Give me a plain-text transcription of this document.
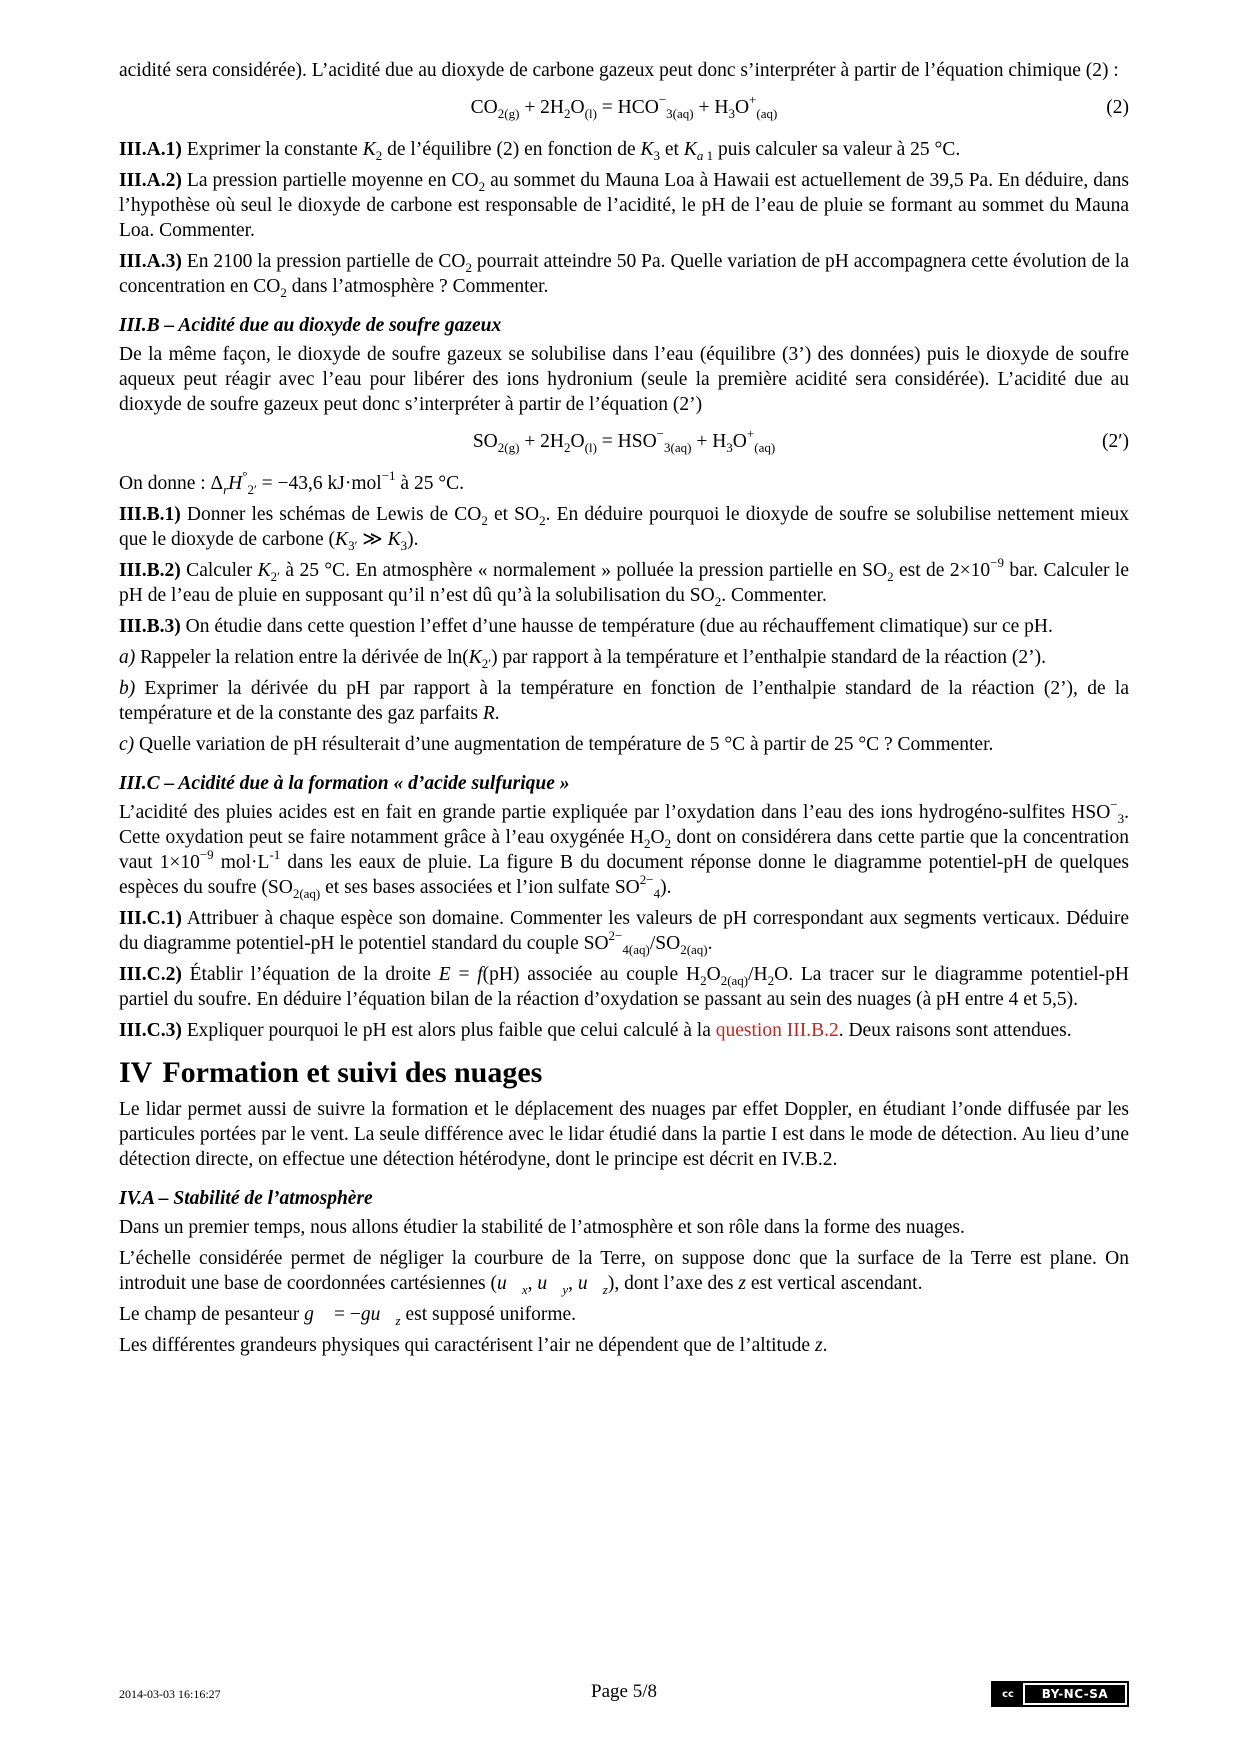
acidité sera considérée). L’acidité due au dioxyde de carbone gazeux peut donc s’interpréter à partir de l’équation chimique (2) :

$CO_{2(g)} + 2H_2O_{(l)} = HCO^-_{3(aq)} + H_3O^+_{(aq)}$	(2)

III.A.1) Exprimer la constante $K_2$ de l’équilibre (2) en fonction de $K_3$ et $K_{a 1}$ puis calculer sa valeur à 25 °C.

III.A.2) La pression partielle moyenne en $CO_2$ au sommet du Mauna Loa à Hawaii est actuellement de 39,5 Pa. En déduire, dans l’hypothèse où seul le dioxyde de carbone est responsable de l’acidité, le pH de l’eau de pluie se formant au sommet du Mauna Loa. Commenter.

III.A.3) En 2100 la pression partielle de $CO_2$ pourrait atteindre 50 Pa. Quelle variation de pH accompagnera cette évolution de la concentration en $CO_2$ dans l’atmosphère ? Commenter.

III.B – Acidité due au dioxyde de soufre gazeux

De la même façon, le dioxyde de soufre gazeux se solubilise dans l’eau (équilibre (3’) des données) puis le dioxyde de soufre aqueux peut réagir avec l’eau pour libérer des ions hydronium (seule la première acidité sera considérée). L’acidité due au dioxyde de soufre gazeux peut donc s’interpréter à partir de l’équation (2’)

$SO_{2(g)} + 2H_2O_{(l)} = HSO^-_{3(aq)} + H_3O^+_{(aq)}$	(2′)

On donne : $\Delta_rH^\circ_{2'} = -43,6$ kJ·mol$^{-1}$ à 25 °C.

III.B.1) Donner les schémas de Lewis de $CO_2$ et $SO_2$. En déduire pourquoi le dioxyde de soufre se solubilise nettement mieux que le dioxyde de carbone ($K_{3'}$ ≫ $K_3$).

III.B.2) Calculer $K_{2'}$ à 25 °C. En atmosphère « normalement » polluée la pression partielle en $SO_2$ est de $2\times 10^{-9}$ bar. Calculer le pH de l’eau de pluie en supposant qu’il n’est dû qu’à la solubilisation du $SO_2$. Commenter.

III.B.3) On étudie dans cette question l’effet d’une hausse de température (due au réchauffement climatique) sur ce pH.

a) Rappeler la relation entre la dérivée de $\ln(K_{2'})$ par rapport à la température et l’enthalpie standard de la réaction (2’).

b) Exprimer la dérivée du pH par rapport à la température en fonction de l’enthalpie standard de la réaction (2’), de la température et de la constante des gaz parfaits R.

c) Quelle variation de pH résulterait d’une augmentation de température de 5 °C à partir de 25 °C ? Commenter.

III.C – Acidité due à la formation « d’acide sulfurique »

L’acidité des pluies acides est en fait en grande partie expliquée par l’oxydation dans l’eau des ions hydrogéno-sulfites $HSO^-_3$. Cette oxydation peut se faire notamment grâce à l’eau oxygénée $H_2O_2$ dont on considérera dans cette partie que la concentration vaut $1\times 10^{-9}$ $mol\cdot L^{-1}$ dans les eaux de pluie. La figure B du document réponse donne le diagramme potentiel-pH de quelques espèces du soufre ($SO_{2(aq)}$ et ses bases associées et l’ion sulfate $SO^{2-}_4$).

III.C.1) Attribuer à chaque espèce son domaine. Commenter les valeurs de pH correspondant aux segments verticaux. Déduire du diagramme potentiel-pH le potentiel standard du couple $SO^{2-}_{4(aq)}/SO_{2(aq)}$.

III.C.2) Établir l’équation de la droite E = f(pH) associée au couple $H_2O_{2(aq)}/H_2O$. La tracer sur le diagramme potentiel-pH partiel du soufre. En déduire l’équation bilan de la réaction d’oxydation se passant au sein des nuages (à pH entre 4 et 5,5).

III.C.3) Expliquer pourquoi le pH est alors plus faible que celui calculé à la question III.B.2. Deux raisons sont attendues.

IV Formation et suivi des nuages

Le lidar permet aussi de suivre la formation et le déplacement des nuages par effet Doppler, en étudiant l’onde diffusée par les particules portées par le vent. La seule différence avec le lidar étudié dans la partie I est dans le mode de détection. Au lieu d’une détection directe, on effectue une détection hétérodyne, dont le principe est décrit en IV.B.2.

IV.A – Stabilité de l’atmosphère

Dans un premier temps, nous allons étudier la stabilité de l’atmosphère et son rôle dans la forme des nuages.

L’échelle considérée permet de négliger la courbure de la Terre, on suppose donc que la surface de la Terre est plane. On introduit une base de coordonnées cartésiennes ($u⃗_x$, $u⃗_y$, $u⃗_z$), dont l’axe des z est vertical ascendant.

Le champ de pesanteur g⃗ = $-gu⃗_z$ est supposé uniforme.

Les différentes grandeurs physiques qui caractérisent l’air ne dépendent que de l’altitude z.

2014-03-03 16:16:27	Page 5/8	cc	BY-NC-SA
